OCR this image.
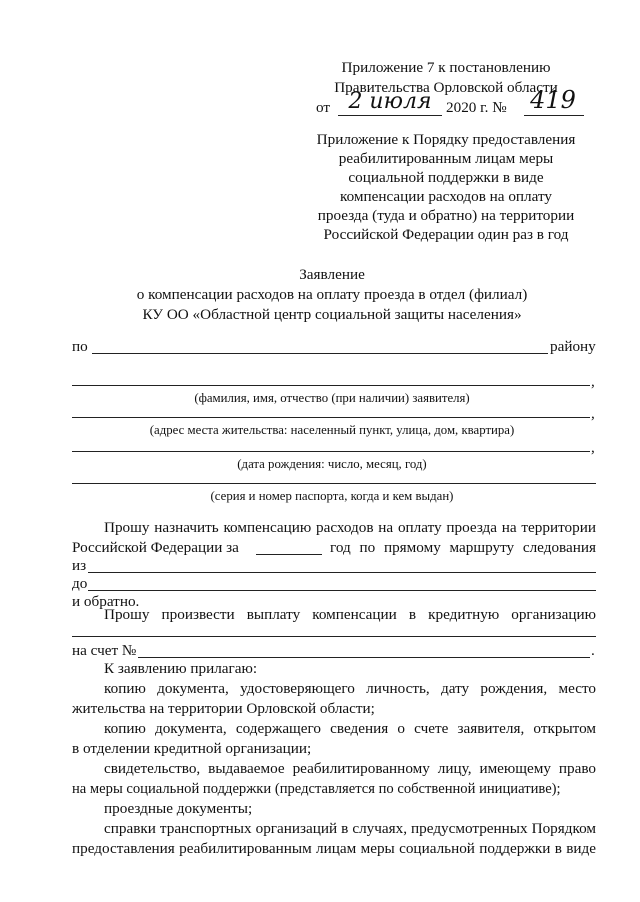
Приложение 7 к постановлению
Правительства Орловской области
от 2 июля 2020 г. № 419
Приложение к Порядку предоставления
реабилитированным лицам меры
социальной поддержки в виде
компенсации расходов на оплату
проезда (туда и обратно) на территории
Российской Федерации один раз в год
Заявление
о компенсации расходов на оплату проезда в отдел (филиал)
КУ ОО «Областной центр социальной защиты населения»
по	району
,
(фамилия, имя, отчество (при наличии) заявителя)
,
(адрес места жительства: населенный пункт, улица, дом, квартира)
,
(дата рождения: число, месяц, год)
(серия и номер паспорта, когда и кем выдан)
Прошу назначить компенсацию расходов на оплату проезда на территории
Российской Федерации за	год по прямому маршруту следования
из
до
и обратно.
Прошу произвести выплату компенсации в кредитную организацию
на счет №	.
К заявлению прилагаю:
копию документа, удостоверяющего личность, дату рождения, место
жительства на территории Орловской области;
копию документа, содержащего сведения о счете заявителя, открытом
в отделении кредитной организации;
свидетельство, выдаваемое реабилитированному лицу, имеющему право
на меры социальной поддержки (представляется по собственной инициативе);
проездные документы;
справки транспортных организаций в случаях, предусмотренных Порядком
предоставления реабилитированным лицам меры социальной поддержки в виде
